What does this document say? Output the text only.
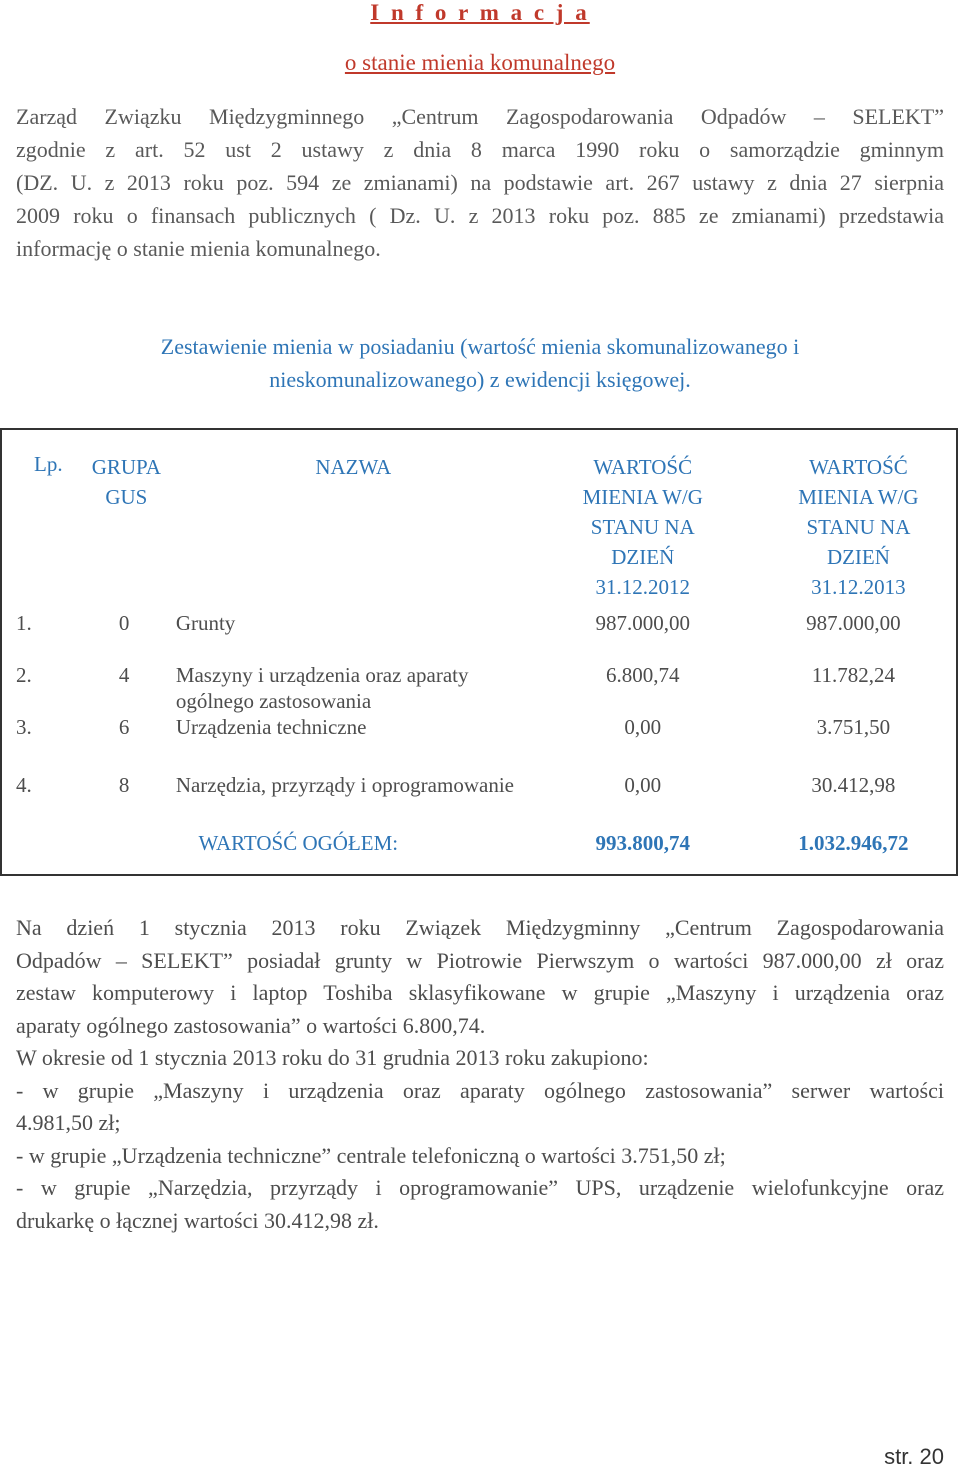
I n f o r m a c j a
o stanie mienia komunalnego
Zarząd Związku Międzygminnego „Centrum Zagospodarowania Odpadów – SELEKT”
zgodnie z art. 52 ust 2 ustawy z dnia 8 marca 1990 roku o samorządzie gminnym
(DZ. U. z 2013 roku poz. 594 ze zmianami) na podstawie art. 267 ustawy z dnia 27 sierpnia
2009 roku o finansach publicznych ( Dz. U. z 2013 roku poz. 885 ze zmianami) przedstawia
informację o stanie mienia komunalnego.
Zestawienie mienia w posiadaniu (wartość mienia skomunalizowanego i
nieskomunalizowanego) z ewidencji księgowej.
Lp.	GRUPA GUS	NAZWA	WARTOŚĆ MIENIA W/G STANU NA DZIEŃ 31.12.2012	WARTOŚĆ MIENIA W/G STANU NA DZIEŃ 31.12.2013
1.	0	Grunty	987.000,00	987.000,00
2.	4	Maszyny i urządzenia oraz aparaty ogólnego zastosowania	6.800,74	11.782,24
3.	6	Urządzenia techniczne	0,00	3.751,50
4.	8	Narzędzia, przyrządy i oprogramowanie	0,00	30.412,98
WARTOŚĆ OGÓŁEM:			993.800,74	1.032.946,72
Na dzień 1 stycznia 2013 roku Związek Międzygminny „Centrum Zagospodarowania
Odpadów – SELEKT” posiadał grunty w Piotrowie Pierwszym o wartości 987.000,00 zł oraz
zestaw komputerowy i laptop Toshiba sklasyfikowane w grupie „Maszyny i urządzenia oraz
aparaty ogólnego zastosowania” o wartości 6.800,74.
W okresie od 1 stycznia 2013 roku do 31 grudnia 2013 roku zakupiono:
- w grupie „Maszyny i urządzenia oraz aparaty ogólnego zastosowania” serwer wartości
4.981,50 zł;
- w grupie „Urządzenia techniczne” centrale telefoniczną o wartości 3.751,50 zł;
- w grupie „Narzędzia, przyrządy i oprogramowanie” UPS, urządzenie wielofunkcyjne oraz
drukarkę o łącznej wartości 30.412,98 zł.
str. 20
